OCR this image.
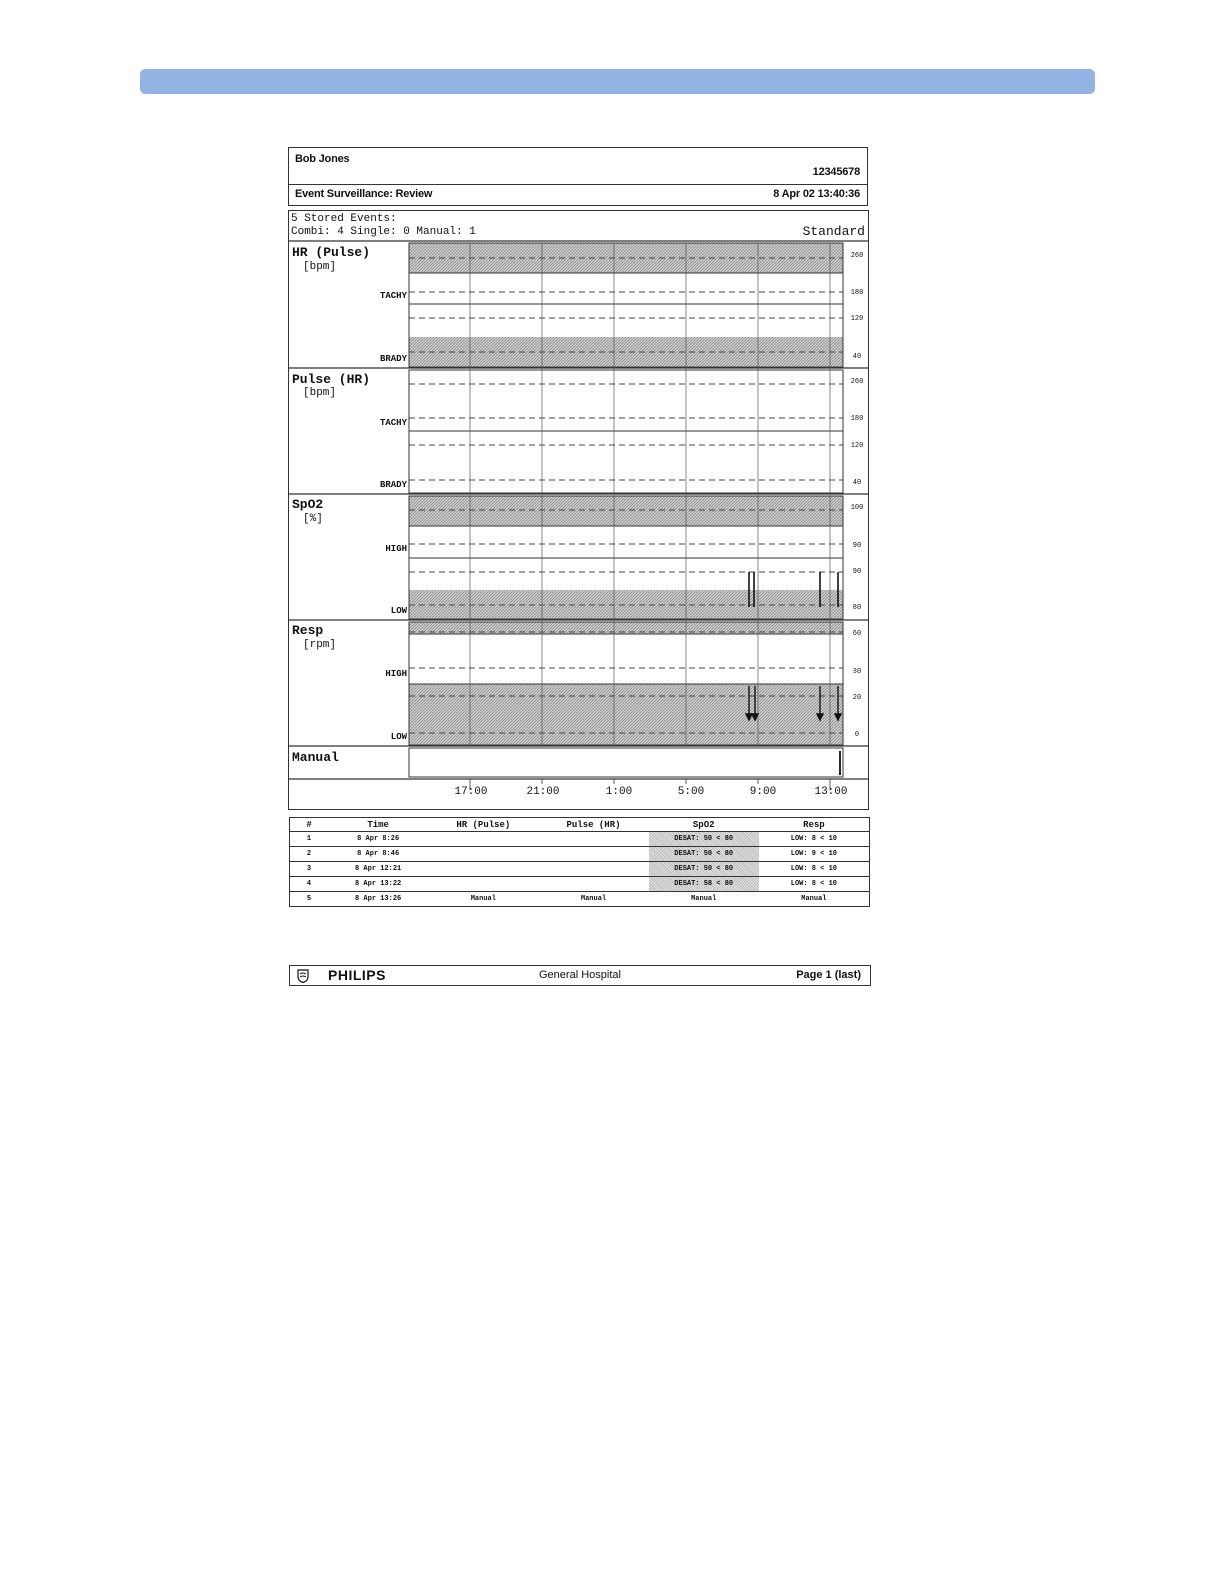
Bob Jones
12345678
Event Surveillance: Review	8 Apr 02 13:40:36
5 Stored Events:
Combi: 4 Single: 0 Manual: 1	Standard
HR (Pulse)
[bpm]
TACHY
BRADY
Pulse (HR)
[bpm]
TACHY
BRADY
SpO2
[%]
HIGH
LOW
Resp
[rpm]
HIGH
LOW
Manual
260
180
120
40
260
180
120
40
100
90
90
80
60
30
20
0
17:00	21:00	1:00	5:00	9:00	13:00
#	Time	HR (Pulse)	Pulse (HR)	SpO2	Resp
1	8 Apr 8:26			DESAT: 50 < 80	LOW: 8 < 10
2	8 Apr 8:46			DESAT: 50 < 80	LOW: 9 < 10
3	8 Apr 12:21			DESAT: 50 < 80	LOW: 8 < 10
4	8 Apr 13:22			DESAT: 58 < 80	LOW: 8 < 10
5	8 Apr 13:26	Manual	Manual	Manual	Manual
PHILIPS	General Hospital	Page 1 (last)
